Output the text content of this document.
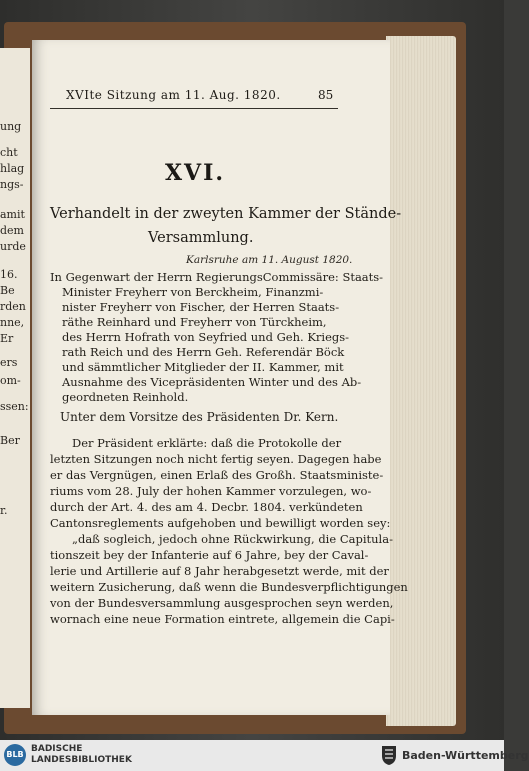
ung
cht
hlag
ngs-
amit
dem
urde
16.
Be
rden
nne,
Er
ers
om-
ssen:
Ber
r.
XVIte Sitzung am 11. Aug. 1820.	85
XVI.
Verhandelt in der zweyten Kammer der Stände-
Versammlung.
Karlsruhe am 11. August 1820.
In Gegenwart der Herrn RegierungsCommissäre: Staats-
Minister Freyherr von Berckheim, Finanzmi-
nister Freyherr von Fischer, der Herren Staats-
räthe Reinhard und Freyherr von Türckheim,
des Herrn Hofrath von Seyfried und Geh. Kriegs-
rath Reich und des Herrn Geh. Referendär Böck
und sämmtlicher Mitglieder der II. Kammer, mit
Ausnahme des Vicepräsidenten Winter und des Ab-
geordneten Reinhold.
Unter dem Vorsitze des Präsidenten Dr. Kern.
Der Präsident erklärte: daß die Protokolle der
letzten Sitzungen noch nicht fertig seyen. Dagegen habe
er das Vergnügen, einen Erlaß des Großh. Staatsministe-
riums vom 28. July der hohen Kammer vorzulegen, wo-
durch der Art. 4. des am 4. Decbr. 1804. verkündeten
Cantonsreglements aufgehoben und bewilligt worden sey:
„daß sogleich, jedoch ohne Rückwirkung, die Capitula-
tionszeit bey der Infanterie auf 6 Jahre, bey der Caval-
lerie und Artillerie auf 8 Jahr herabgesetzt werde, mit der
weitern Zusicherung, daß wenn die Bundesverpflichtigungen
von der Bundesversammlung ausgesprochen seyn werden,
wornach eine neue Formation eintrete, allgemein die Capi-
BLB
BADISCHE
LANDESBIBLIOTHEK	Baden-Württemberg
